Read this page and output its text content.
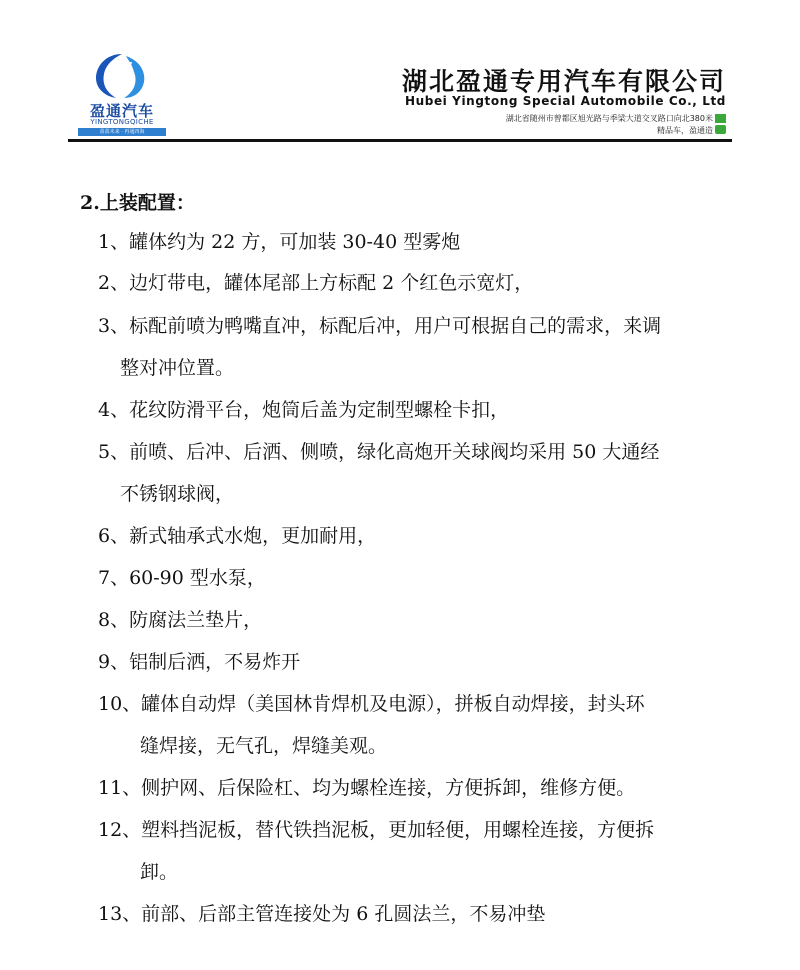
盈通汽车
YINGTONGQICHE
盈盈未来 · 再通四海
湖北盈通专用汽车有限公司
Hubei Yingtong Special Automobile Co., Ltd
湖北省随州市曾都区旭光路与季梁大道交叉路口向北380米
精品车，盈通造
2.上装配置：
1、罐体约为 22 方，可加装 30-40 型雾炮
2、边灯带电，罐体尾部上方标配 2 个红色示宽灯，
3、标配前喷为鸭嘴直冲，标配后冲，用户可根据自己的需求，来调
整对冲位置。
4、花纹防滑平台，炮筒后盖为定制型螺栓卡扣，
5、前喷、后冲、后洒、侧喷，绿化高炮开关球阀均采用 50 大通经
不锈钢球阀，
6、新式轴承式水炮，更加耐用，
7、60-90 型水泵，
8、防腐法兰垫片，
9、铝制后洒，不易炸开
10、罐体自动焊（美国林肯焊机及电源），拼板自动焊接，封头环
缝焊接，无气孔，焊缝美观。
11、侧护网、后保险杠、均为螺栓连接，方便拆卸，维修方便。
12、塑料挡泥板，替代铁挡泥板，更加轻便，用螺栓连接，方便拆
卸。
13、前部、后部主管连接处为 6 孔圆法兰，不易冲垫
